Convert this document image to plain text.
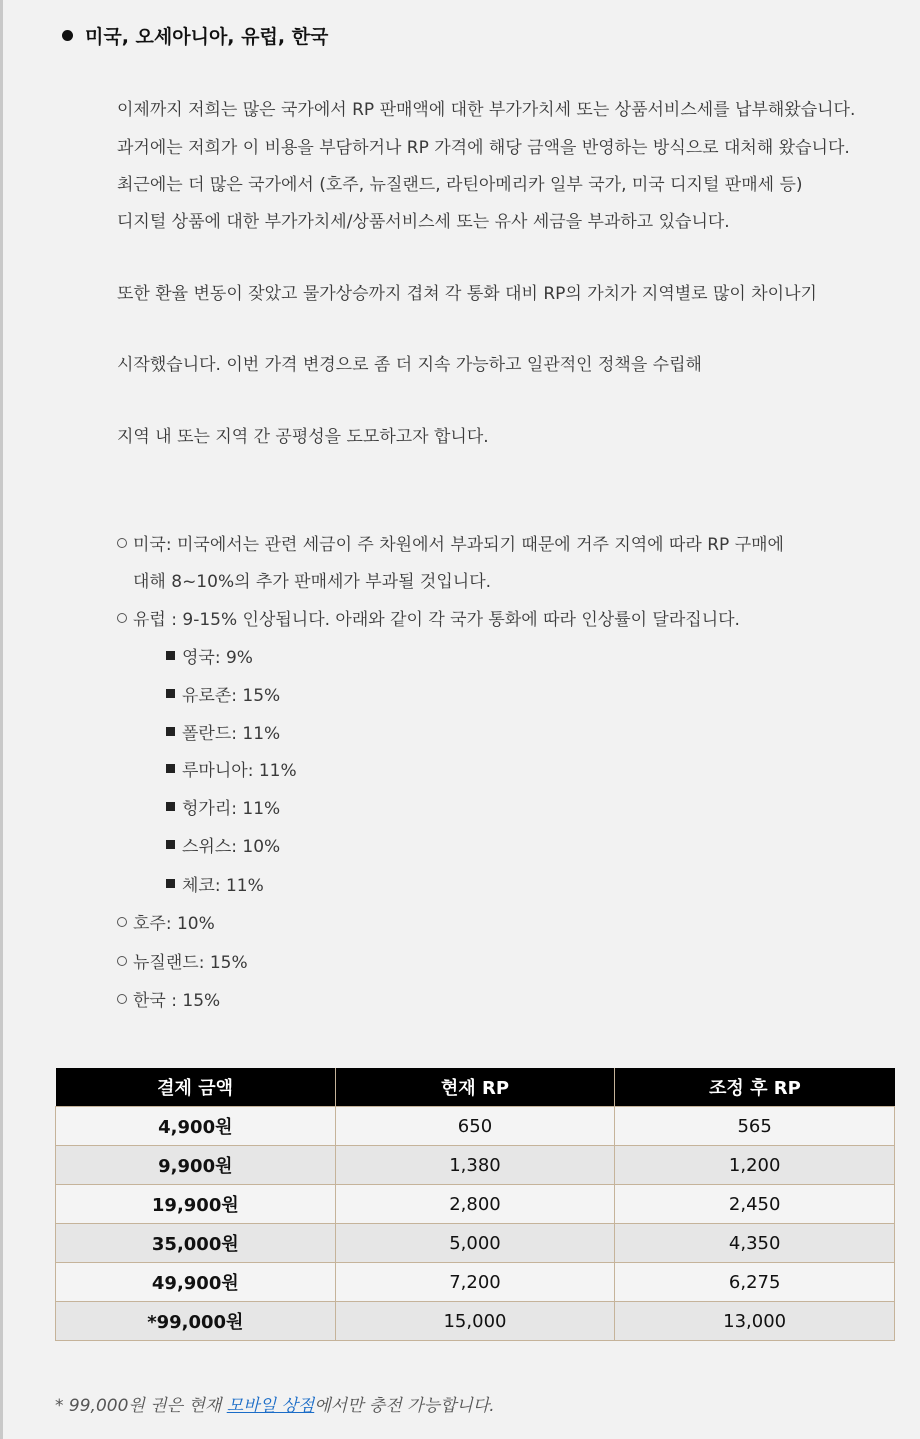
미국, 오세아니아, 유럽, 한국
이제까지 저희는 많은 국가에서 RP 판매액에 대한 부가가치세 또는 상품서비스세를 납부해왔습니다.
과거에는 저희가 이 비용을 부담하거나 RP 가격에 해당 금액을 반영하는 방식으로 대처해 왔습니다.
최근에는 더 많은 국가에서 (호주, 뉴질랜드, 라틴아메리카 일부 국가, 미국 디지털 판매세 등)
디지털 상품에 대한 부가가치세/상품서비스세 또는 유사 세금을 부과하고 있습니다.
또한 환율 변동이 잦았고 물가상승까지 겹쳐 각 통화 대비 RP의 가치가 지역별로 많이 차이나기
시작했습니다. 이번 가격 변경으로 좀 더 지속 가능하고 일관적인 정책을 수립해
지역 내 또는 지역 간 공평성을 도모하고자 합니다.
미국: 미국에서는 관련 세금이 주 차원에서 부과되기 때문에 거주 지역에 따라 RP 구매에
대해 8~10%의 추가 판매세가 부과될 것입니다.
유럽 : 9-15% 인상됩니다. 아래와 같이 각 국가 통화에 따라 인상률이 달라집니다.
영국: 9%
유로존: 15%
폴란드: 11%
루마니아: 11%
헝가리: 11%
스위스: 10%
체코: 11%
호주: 10%
뉴질랜드: 15%
한국 : 15%
결제 금액	현재 RP	조정 후 RP
4,900원	650	565
9,900원	1,380	1,200
19,900원	2,800	2,450
35,000원	5,000	4,350
49,900원	7,200	6,275
*99,000원	15,000	13,000
* 99,000원 권은 현재 모바일 상점에서만 충전 가능합니다.
